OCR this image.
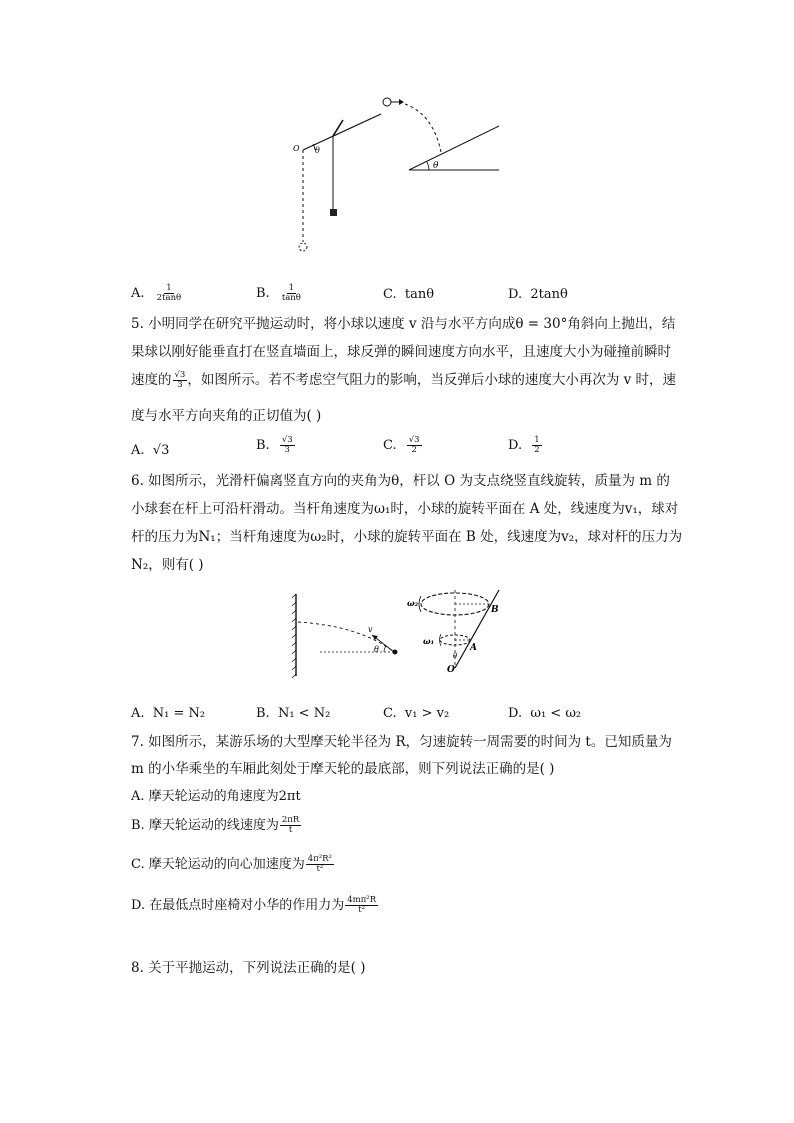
θ
O
θ
A. $\frac{1}{2\tan\theta}$	B. $\frac{1}{\tan\theta}$	C. tanθ	D. 2tanθ
5. 小明同学在研究平抛运动时，将小球以速度 v 沿与水平方向成θ = 30°角斜向上抛出，结
果球以刚好能垂直打在竖直墙面上，球反弹的瞬间速度方向水平，且速度大小为碰撞前瞬时
速度的 $\frac{√3}{3}$ ，如图所示。若不考虑空气阻力的影响，当反弹后小球的速度大小再次为 v 时，速
度与水平方向夹角的正切值为( )
A. √3	B. $\frac{√3}{3}$	C. $\frac{√3}{2}$	D. $\frac{1}{2}$
6. 如图所示，光滑杆偏离竖直方向的夹角为θ，杆以 O 为支点绕竖直线旋转，质量为 m 的
小球套在杆上可沿杆滑动。当杆角速度为ω₁时，小球的旋转平面在 A 处，线速度为v₁，球对
杆的压力为N₁；当杆角速度为ω₂时，小球的旋转平面在 B 处，线速度为v₂，球对杆的压力为
N₂，则有( )
v
θ
ω₂
ω₁
B
A
θ
O
A. N₁ = N₂	B. N₁ < N₂	C. v₁ > v₂	D. ω₁ < ω₂
7. 如图所示，某游乐场的大型摩天轮半径为 R，匀速旋转一周需要的时间为 t。已知质量为
m 的小华乘坐的车厢此刻处于摩天轮的最底部，则下列说法正确的是( )
A. 摩天轮运动的角速度为2πt
B. 摩天轮运动的线速度为 $\frac{2\pi R}{t}$
C. 摩天轮运动的向心加速度为 $\frac{\text{4π²R²}}{\text{t²}}$
D. 在最低点时座椅对小华的作用力为 $\frac{\text{4mπ²R}}{\text{t²}}$
8. 关于平抛运动，下列说法正确的是( )
